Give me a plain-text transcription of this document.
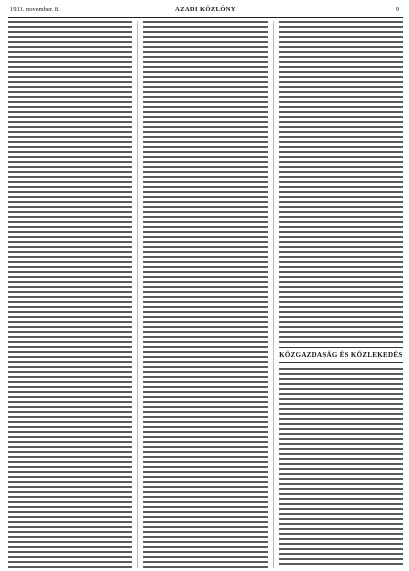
1911. november. 8.	AZADI KÖZLÖNY	9
KÖZGAZDASÁG ÉS KÖZLEKEDÉS
